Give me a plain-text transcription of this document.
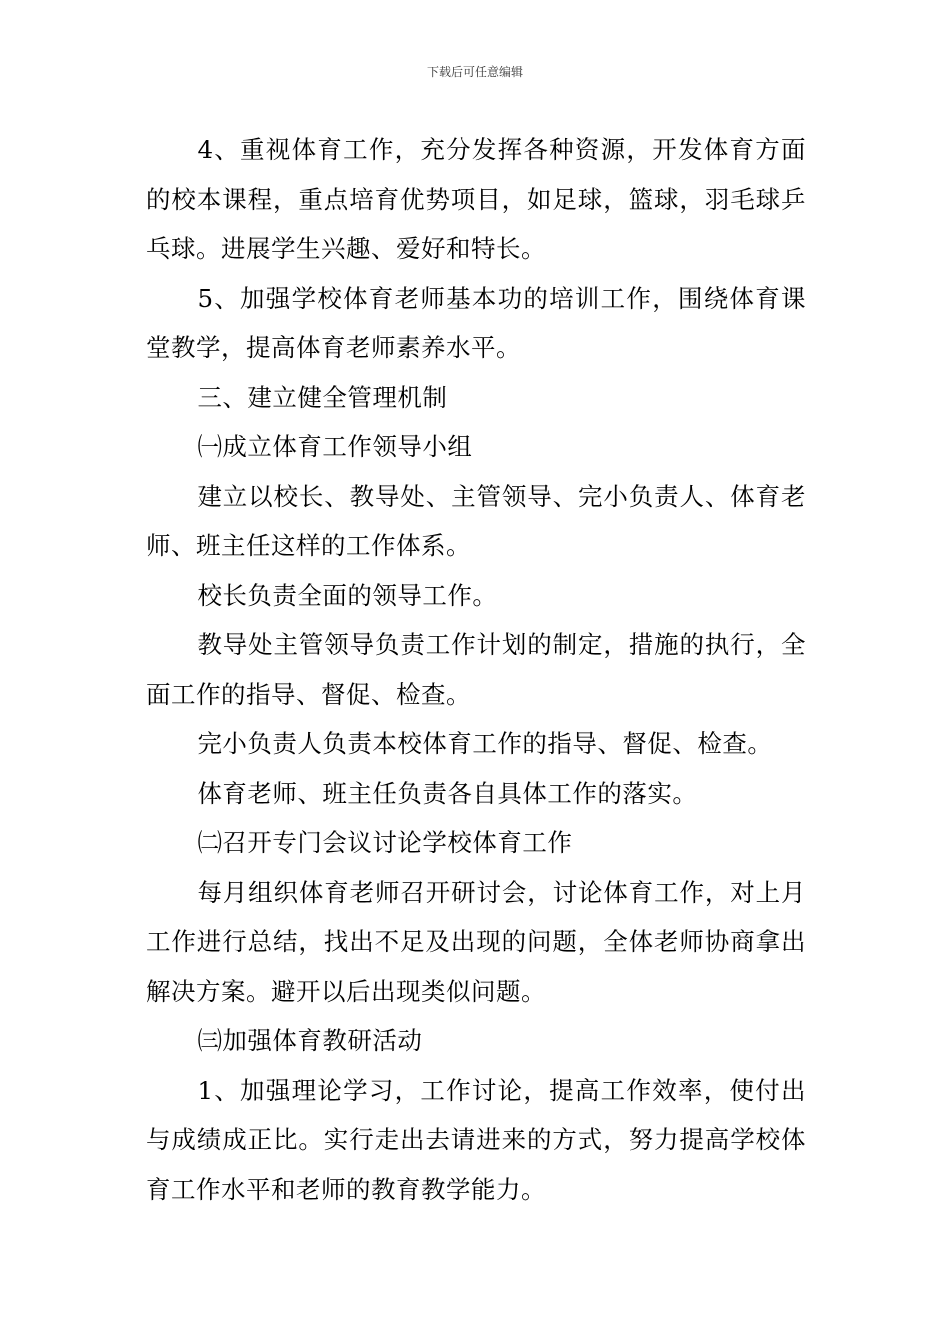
下载后可任意编辑

4、重视体育工作，充分发挥各种资源，开发体育方面的校本课程，重点培育优势项目，如足球，篮球，羽毛球乒乓球。进展学生兴趣、爱好和特长。

5、加强学校体育老师基本功的培训工作，围绕体育课堂教学，提高体育老师素养水平。

三、建立健全管理机制

㈠成立体育工作领导小组

建立以校长、教导处、主管领导、完小负责人、体育老师、班主任这样的工作体系。

校长负责全面的领导工作。

教导处主管领导负责工作计划的制定，措施的执行，全面工作的指导、督促、检查。

完小负责人负责本校体育工作的指导、督促、检查。

体育老师、班主任负责各自具体工作的落实。

㈡召开专门会议讨论学校体育工作

每月组织体育老师召开研讨会，讨论体育工作，对上月工作进行总结，找出不足及出现的问题，全体老师协商拿出解决方案。避开以后出现类似问题。

㈢加强体育教研活动

1、加强理论学习，工作讨论，提高工作效率，使付出与成绩成正比。实行走出去请进来的方式，努力提高学校体育工作水平和老师的教育教学能力。
